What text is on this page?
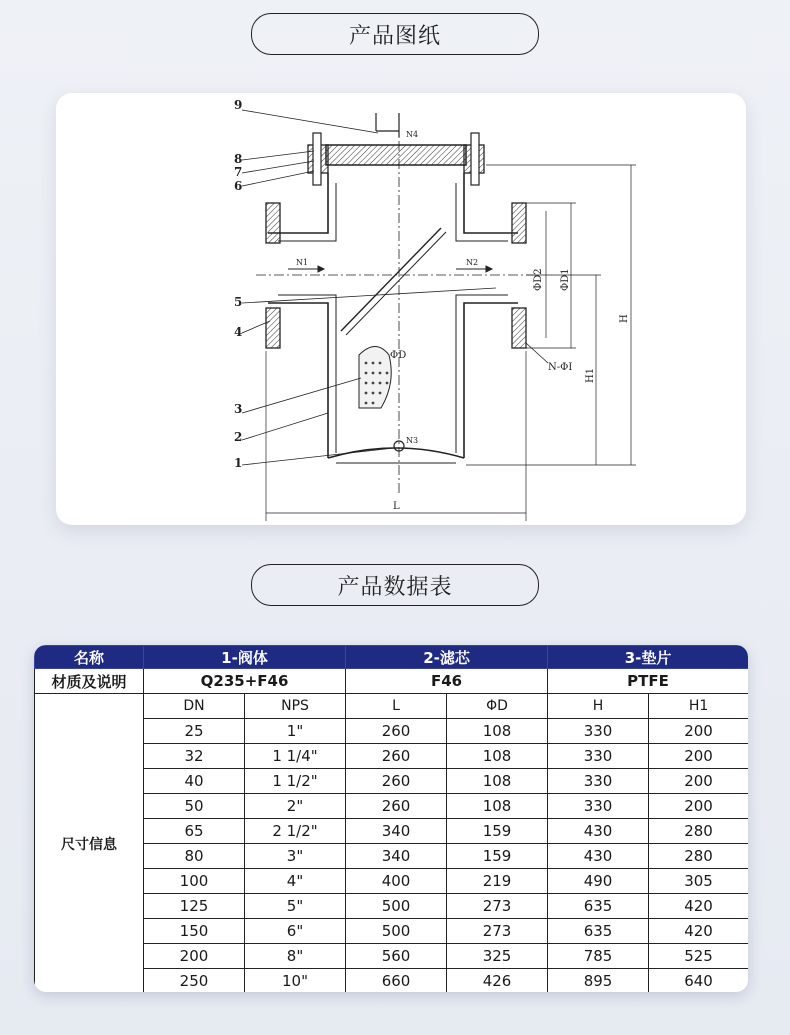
产品图纸
9
8
7
6
5
4
3
2
1
N4
N1	N2
N3
ΦD2 ΦD1
H
H1
N-ΦI
ΦD
L
产品数据表
名称	1-阀体		2-滤芯		3-垫片	
材质及说明	Q235+F46		F46		PTFE	
尺寸信息	DN	NPS	L	ΦD	H	H1
	25	1"	260	108	330	200
	32	1 1/4"	260	108	330	200
	40	1 1/2"	260	108	330	200
	50	2"	260	108	330	200
	65	2 1/2"	340	159	430	280
	80	3"	340	159	430	280
	100	4"	400	219	490	305
	125	5"	500	273	635	420
	150	6"	500	273	635	420
	200	8"	560	325	785	525
	250	10"	660	426	895	640
